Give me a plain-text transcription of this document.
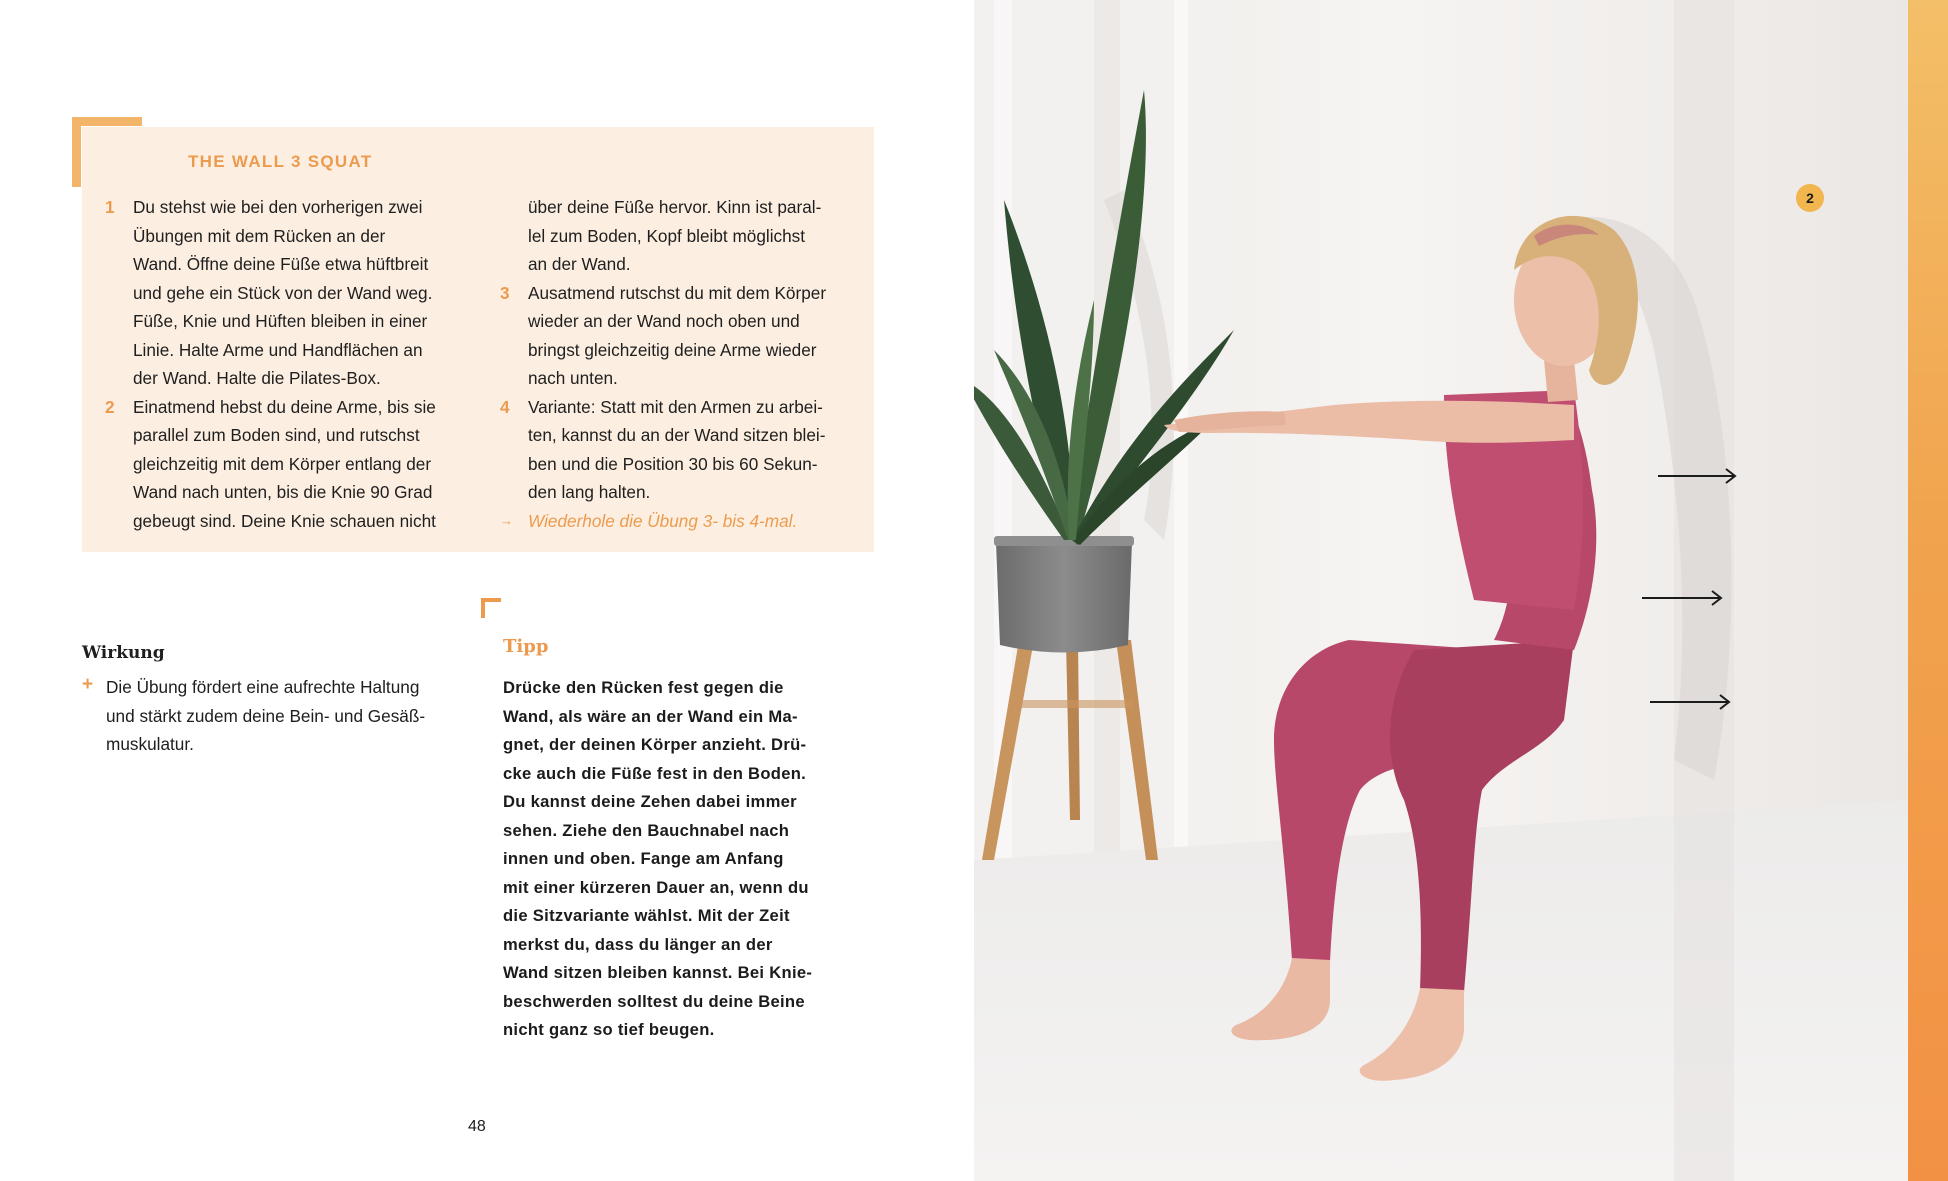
THE WALL 3 SQUAT
1	Du stehst wie bei den vorherigen zwei
Übungen mit dem Rücken an der
Wand. Öffne deine Füße etwa hüftbreit
und gehe ein Stück von der Wand weg.
Füße, Knie und Hüften bleiben in einer
Linie. Halte Arme und Handflächen an
der Wand. Halte die Pilates-Box.
2	Einatmend hebst du deine Arme, bis sie
parallel zum Boden sind, und rutschst
gleichzeitig mit dem Körper entlang der
Wand nach unten, bis die Knie 90 Grad
gebeugt sind. Deine Knie schauen nicht
über deine Füße hervor. Kinn ist paral-
lel zum Boden, Kopf bleibt möglichst
an der Wand.
3	Ausatmend rutschst du mit dem Körper
wieder an der Wand noch oben und
bringst gleichzeitig deine Arme wieder
nach unten.
4	Variante: Statt mit den Armen zu arbei-
ten, kannst du an der Wand sitzen blei-
ben und die Position 30 bis 60 Sekun-
den lang halten.
→ Wiederhole die Übung 3- bis 4-mal.
Wirkung
+ Die Übung fördert eine aufrechte Haltung
und stärkt zudem deine Bein- und Gesäß-
muskulatur.
Tipp
Drücke den Rücken fest gegen die
Wand, als wäre an der Wand ein Ma-
gnet, der deinen Körper anzieht. Drü-
cke auch die Füße fest in den Boden.
Du kannst deine Zehen dabei immer
sehen. Ziehe den Bauchnabel nach
innen und oben. Fange am Anfang
mit einer kürzeren Dauer an, wenn du
die Sitzvariante wählst. Mit der Zeit
merkst du, dass du länger an der
Wand sitzen bleiben kannst. Bei Knie-
beschwerden solltest du deine Beine
nicht ganz so tief beugen.
48
2
